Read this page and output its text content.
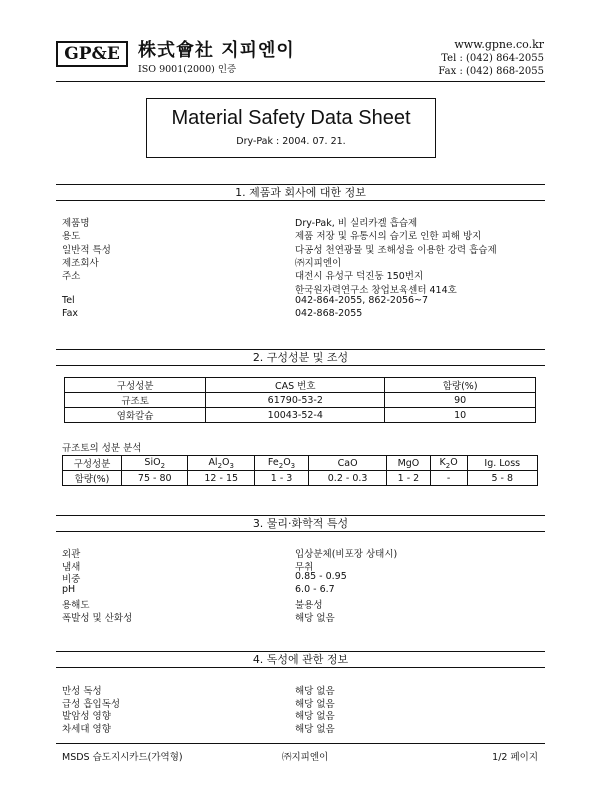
GP&E 株式會社 지피엔이
ISO 9001(2000) 인증
www.gpne.co.kr
Tel : (042) 864-2055
Fax : (042) 868-2055
Material Safety Data Sheet
Dry-Pak : 2004. 07. 21.
1. 제품과 회사에 대한 정보
제품명	Dry-Pak, 비 실리카겔 흡습제
용도	제품 저장 및 유통시의 습기로 인한 피해 방지
일반적 특성	다공성 천연광물 및 조해성을 이용한 강력 흡습제
제조회사	㈜지피엔이
주소	대전시 유성구 덕진동 150번지
한국원자력연구소 창업보육센터 414호
Tel	042-864-2055, 862-2056~7
Fax	042-868-2055
2. 구성성분 및 조성
구성성분	CAS 번호	함량(%)
규조토	61790-53-2	90
염화칼슘	10043-52-4	10
규조토의 성분 분석
구성성분	SiO$_2$	$Al_2O_3$	$Fe_2O_3$	CaO	MgO	$K_2O$	Ig. Loss
함량(%)	75 - 80	12 - 15	1 - 3	0.2 - 0.3	1 - 2	-	5 - 8
3. 물리·화학적 특성
외관	입상분체(비포장 상태시)
냄새	무취
비중	0.85 - 0.95
pH	6.0 - 6.7
용해도	불용성
폭발성 및 산화성	해당 없음
4. 독성에 관한 정보
만성 독성	해당 없음
급성 흡입독성	해당 없음
발암성 영향	해당 없음
차세대 영향	해당 없음
MSDS 습도지시카드(가역형)	㈜지피엔이	1/2 페이지
